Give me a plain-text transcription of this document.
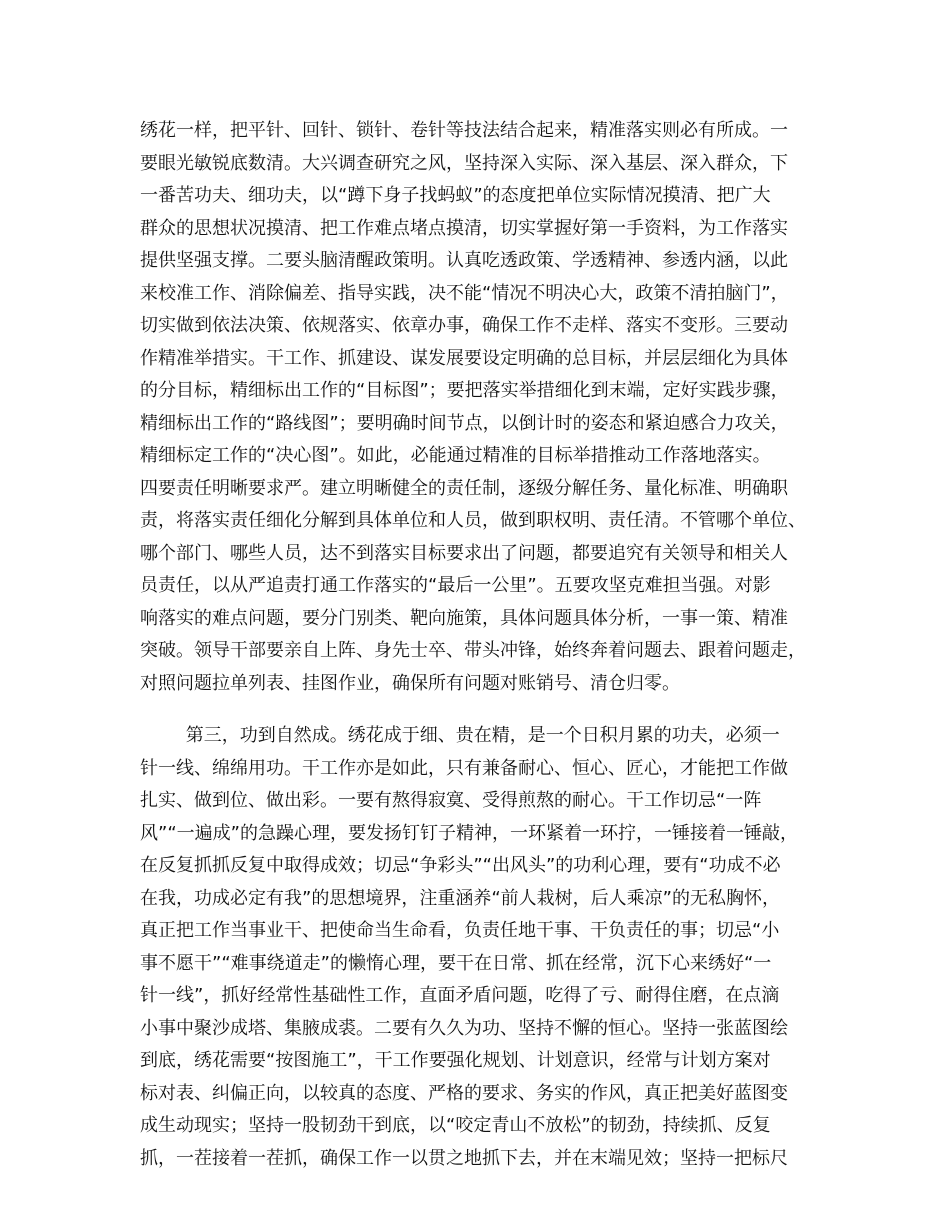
绣花一样，把平针、回针、锁针、卷针等技法结合起来，精准落实则必有所成。一

要眼光敏锐底数清。大兴调查研究之风，坚持深入实际、深入基层、深入群众，下

一番苦功夫、细功夫，以“蹲下身子找蚂蚁”的态度把单位实际情况摸清、把广大

群众的思想状况摸清、把工作难点堵点摸清，切实掌握好第一手资料，为工作落实

提供坚强支撑。二要头脑清醒政策明。认真吃透政策、学透精神、参透内涵，以此

来校准工作、消除偏差、指导实践，决不能“情况不明决心大，政策不清拍脑门”，

切实做到依法决策、依规落实、依章办事，确保工作不走样、落实不变形。三要动

作精准举措实。干工作、抓建设、谋发展要设定明确的总目标，并层层细化为具体

的分目标，精细标出工作的“目标图”；要把落实举措细化到末端，定好实践步骤，

精细标出工作的“路线图”；要明确时间节点，以倒计时的姿态和紧迫感合力攻关，

精细标定工作的“决心图”。如此，必能通过精准的目标举措推动工作落地落实。

四要责任明晰要求严。建立明晰健全的责任制，逐级分解任务、量化标准、明确职

责，将落实责任细化分解到具体单位和人员，做到职权明、责任清。不管哪个单位、

哪个部门、哪些人员，达不到落实目标要求出了问题，都要追究有关领导和相关人

员责任，以从严追责打通工作落实的“最后一公里”。五要攻坚克难担当强。对影

响落实的难点问题，要分门别类、靶向施策，具体问题具体分析，一事一策、精准

突破。领导干部要亲自上阵、身先士卒、带头冲锋，始终奔着问题去、跟着问题走，

对照问题拉单列表、挂图作业，确保所有问题对账销号、清仓归零。

第三，功到自然成。绣花成于细、贵在精，是一个日积月累的功夫，必须一

针一线、绵绵用功。干工作亦是如此，只有兼备耐心、恒心、匠心，才能把工作做

扎实、做到位、做出彩。一要有熬得寂寞、受得煎熬的耐心。干工作切忌“一阵

风”“一遍成”的急躁心理，要发扬钉钉子精神，一环紧着一环拧，一锤接着一锤敲，

在反复抓抓反复中取得成效；切忌“争彩头”“出风头”的功利心理，要有“功成不必

在我，功成必定有我”的思想境界，注重涵养“前人栽树，后人乘凉”的无私胸怀，

真正把工作当事业干、把使命当生命看，负责任地干事、干负责任的事；切忌“小

事不愿干”“难事绕道走”的懒惰心理，要干在日常、抓在经常，沉下心来绣好“一

针一线”，抓好经常性基础性工作，直面矛盾问题，吃得了亏、耐得住磨，在点滴

小事中聚沙成塔、集腋成裘。二要有久久为功、坚持不懈的恒心。坚持一张蓝图绘

到底，绣花需要“按图施工”，干工作要强化规划、计划意识，经常与计划方案对

标对表、纠偏正向，以较真的态度、严格的要求、务实的作风，真正把美好蓝图变

成生动现实；坚持一股韧劲干到底，以“咬定青山不放松”的韧劲，持续抓、反复

抓，一茬接着一茬抓，确保工作一以贯之地抓下去，并在末端见效；坚持一把标尺
